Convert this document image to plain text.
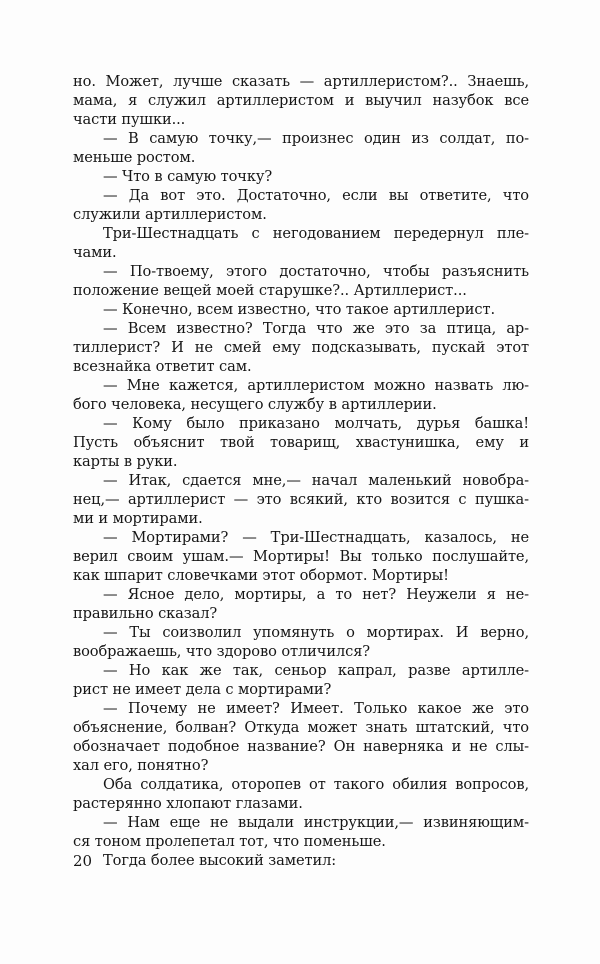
но. Может, лучше сказать — артиллеристом?.. Знаешь,
мама, я служил артиллеристом и выучил назубок все
части пушки...
— В самую точку,— произнес один из солдат, по-
меньше ростом.
— Что в самую точку?
— Да вот это. Достаточно, если вы ответите, что
служили артиллеристом.
Три-Шестнадцать с негодованием передернул пле-
чами.
— По-твоему, этого достаточно, чтобы разъяснить
положение вещей моей старушке?.. Артиллерист...
— Конечно, всем известно, что такое артиллерист.
— Всем известно? Тогда что же это за птица, ар-
тиллерист? И не смей ему подсказывать, пускай этот
всезнайка ответит сам.
— Мне кажется, артиллеристом можно назвать лю-
бого человека, несущего службу в артиллерии.
— Кому было приказано молчать, дурья башка!
Пусть объяснит твой товарищ, хвастунишка, ему и
карты в руки.
— Итак, сдается мне,— начал маленький новобра-
нец,— артиллерист — это всякий, кто возится с пушка-
ми и мортирами.
— Мортирами? — Три-Шестнадцать, казалось, не
верил своим ушам.— Мортиры! Вы только послушайте,
как шпарит словечками этот обормот. Мортиры!
— Ясное дело, мортиры, а то нет? Неужели я не-
правильно сказал?
— Ты соизволил упомянуть о мортирах. И верно,
воображаешь, что здорово отличился?
— Но как же так, сеньор капрал, разве артилле-
рист не имеет дела с мортирами?
— Почему не имеет? Имеет. Только какое же это
объяснение, болван? Откуда может знать штатский, что
обозначает подобное название? Он наверняка и не слы-
хал его, понятно?
Оба солдатика, оторопев от такого обилия вопросов,
растерянно хлопают глазами.
— Нам еще не выдали инструкции,— извиняющим-
ся тоном пролепетал тот, что поменьше.
Тогда более высокий заметил:
20
